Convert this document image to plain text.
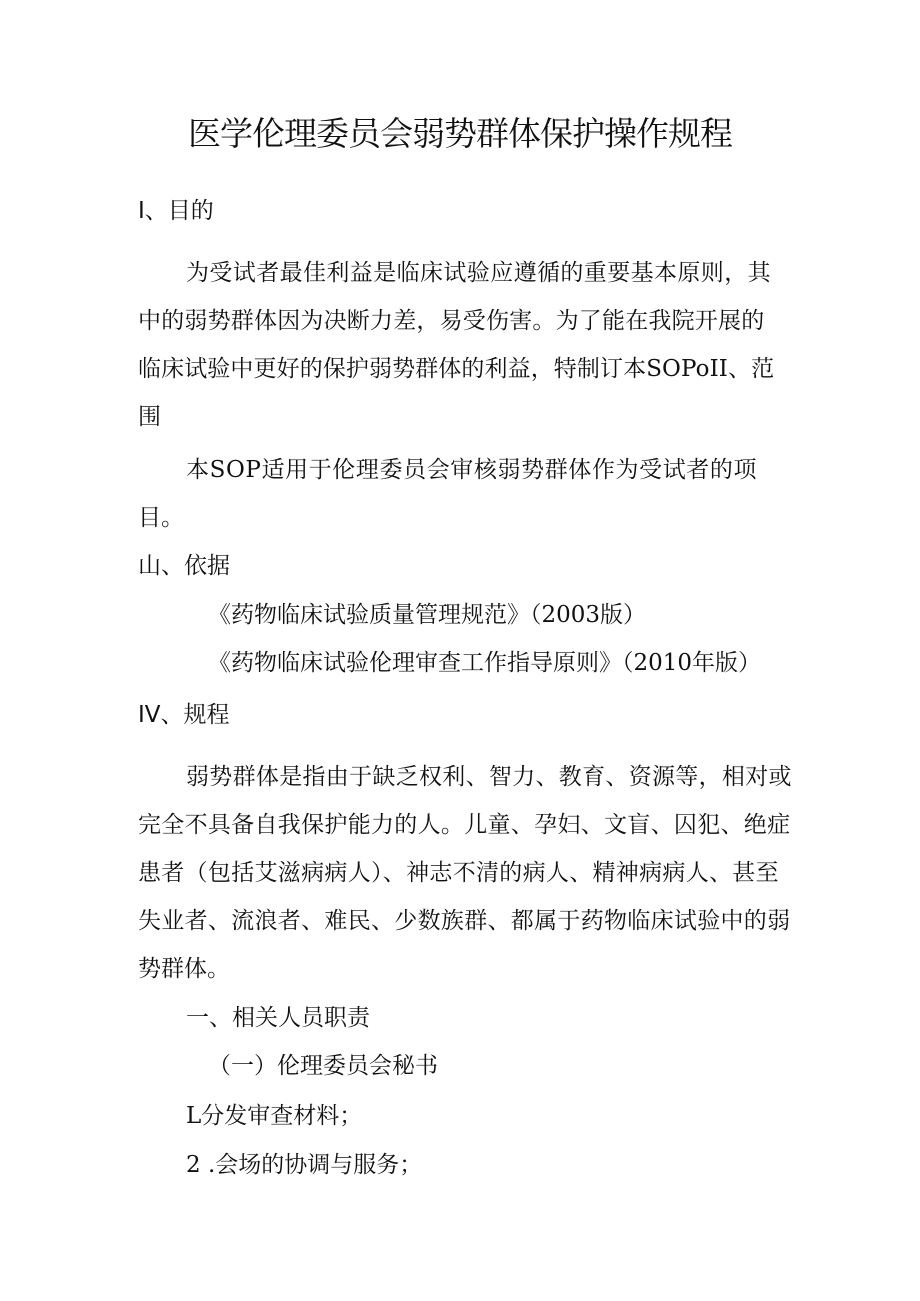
医学伦理委员会弱势群体保护操作规程
I、目的
为受试者最佳利益是临床试验应遵循的重要基本原则，其
中的弱势群体因为决断力差，易受伤害。为了能在我院开展的
临床试验中更好的保护弱势群体的利益，特制订本SOPoII、范
围
本SOP适用于伦理委员会审核弱势群体作为受试者的项
目。
山、依据
《药物临床试验质量管理规范》（2003版）
《药物临床试验伦理审查工作指导原则》（2010年版）
IV、规程
弱势群体是指由于缺乏权利、智力、教育、资源等，相对或
完全不具备自我保护能力的人。儿童、孕妇、文盲、囚犯、绝症
患者（包括艾滋病病人）、神志不清的病人、精神病病人、甚至
失业者、流浪者、难民、少数族群、都属于药物临床试验中的弱
势群体。
一、相关人员职责
（一）伦理委员会秘书
L分发审查材料；
2 .会场的协调与服务；
